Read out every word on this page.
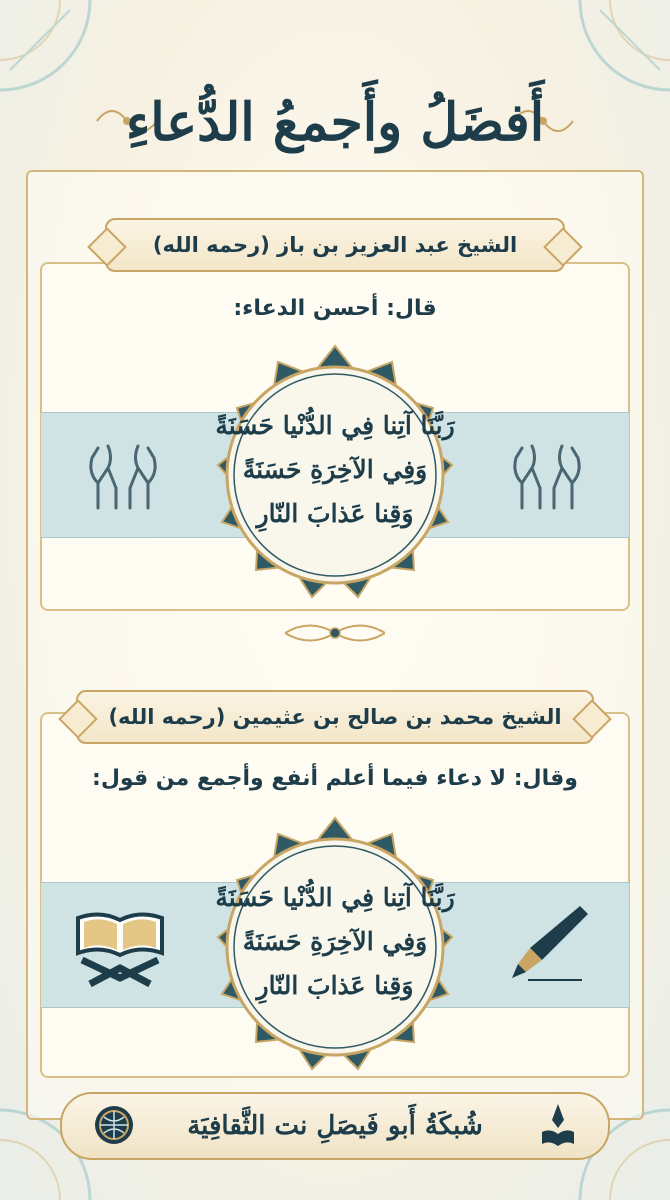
أَفضَلُ وأَجمعُ الدُّعاءِ
الشيخ عبد العزيز بن باز (رحمه الله)
قال: أحسن الدعاء:
رَبَّنَا آتِنا فِي الدُّنْيا حَسَنَةً
وَفِي الآخِرَةِ حَسَنَةً
وَقِنا عَذابَ النّارِ
الشيخ محمد بن صالح بن عثيمين (رحمه الله)
وقال: لا دعاء فيما أعلم أنفع وأجمع من قول:
رَبَّنَا آتِنا فِي الدُّنْيا حَسَنَةً
وَفِي الآخِرَةِ حَسَنَةً
وَقِنا عَذابَ النّارِ
شُبكَةُ أَبو فَيصَلِ نت الثَّقافِيَة
